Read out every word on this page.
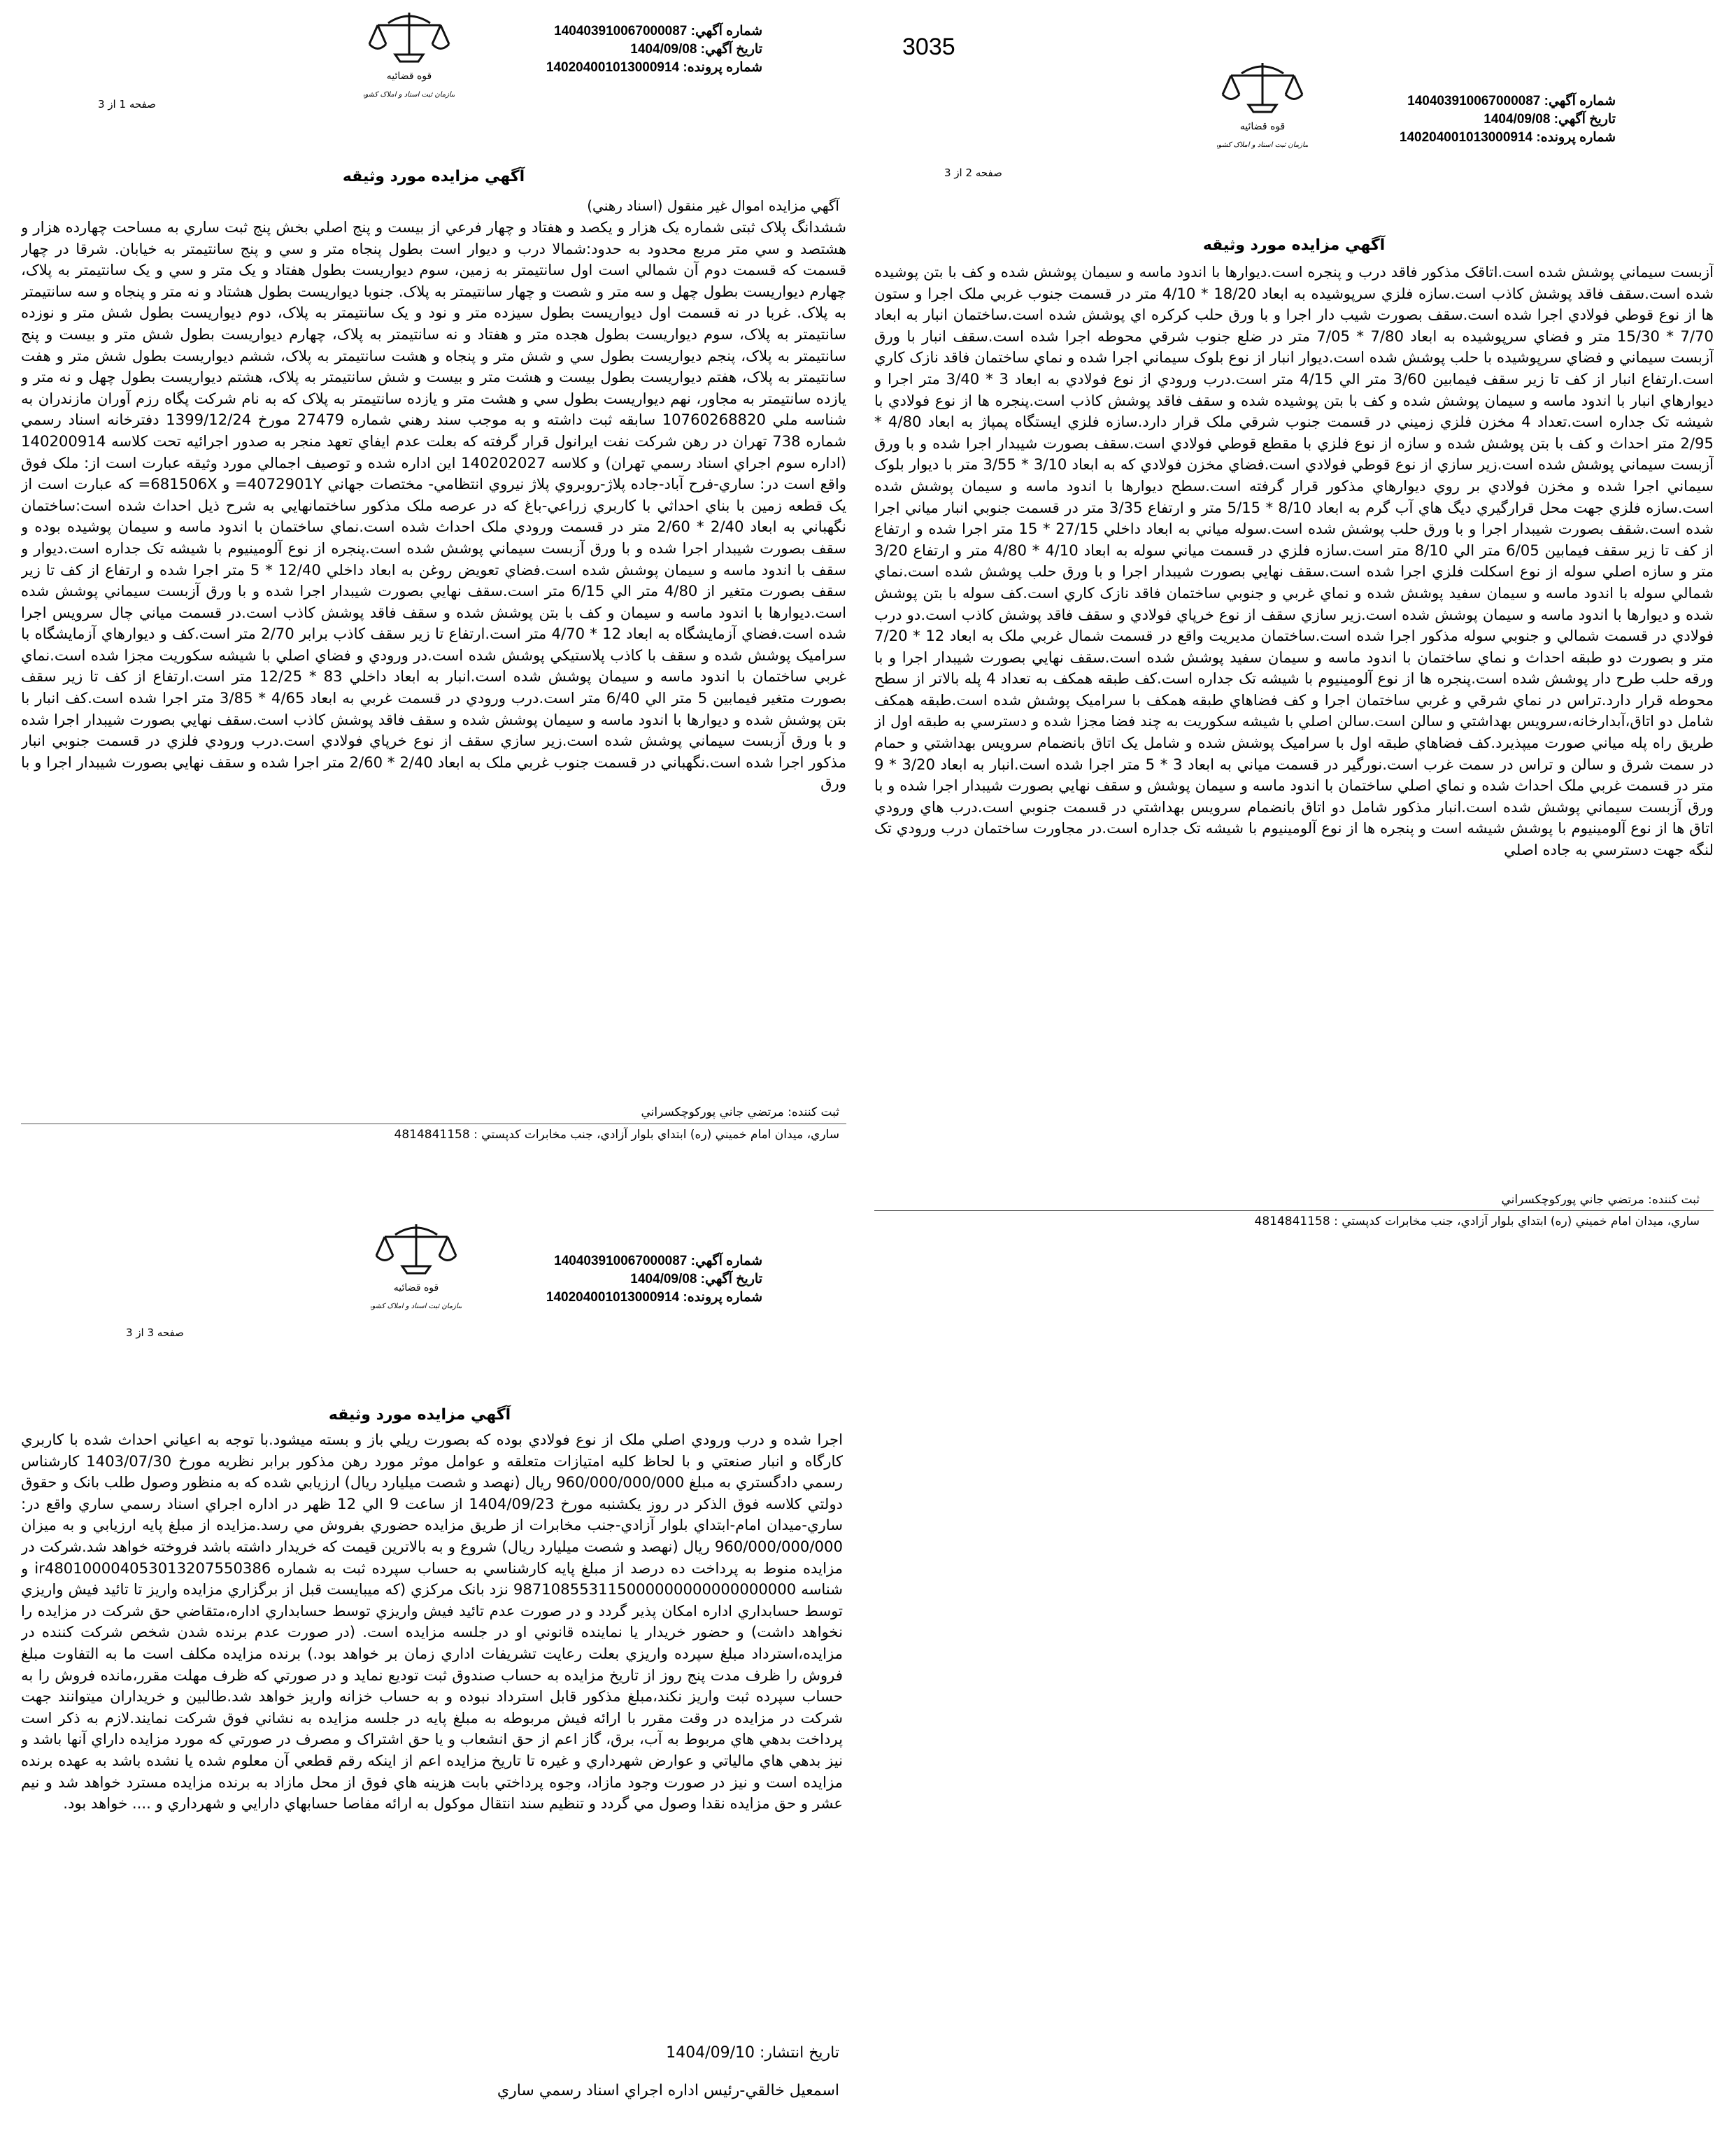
3035
قوه قضائیه
سازمان ثبت اسناد و املاک کشور
شماره آگهي: 140403910067000087
تاريخ آگهي: 1404/09/08
شماره پرونده: 140204001013000914
صفحه 1 از 3
آگهي مزايده مورد وثيقه
آگهي مزايده اموال غير منقول (اسناد رهني)
ششدانگ پلاک ثبتی شماره یک هزار و یکصد و هفتاد و چهار فرعي از بيست و پنج اصلي بخش پنج ثبت ساري به مساحت چهارده هزار و هشتصد و سي متر مربع محدود به حدود:شمالا درب و ديوار است بطول پنجاه متر و سي و پنج سانتيمتر به خيابان. شرقا در چهار قسمت كه قسمت دوم آن شمالي است اول سانتيمتر به زمين، سوم ديواريست بطول هفتاد و يک متر و سي و يک سانتيمتر به پلاک، چهارم ديواريست بطول چهل و سه متر و شصت و چهار سانتيمتر به پلاک. جنوبا ديواريست بطول هشتاد و نه متر و پنجاه و سه سانتيمتر به پلاک. غربا در نه قسمت اول ديواريست بطول سيزده متر و نود و يک سانتيمتر به پلاک، دوم ديواريست بطول شش متر و نوزده سانتيمتر به پلاک، سوم ديواريست بطول هجده متر و هفتاد و نه سانتيمتر به پلاک، چهارم ديواريست بطول شش متر و بيست و پنج سانتيمتر به پلاک، پنجم ديواريست بطول سي و شش متر و پنجاه و هشت سانتيمتر به پلاک، ششم ديواريست بطول شش متر و هفت سانتيمتر به پلاک، هفتم ديواريست بطول بيست و هشت متر و بيست و شش سانتيمتر به پلاک، هشتم ديواريست بطول چهل و نه متر و يازده سانتيمتر به مجاور، نهم ديواريست بطول سي و هشت متر و يازده سانتيمتر به پلاک كه به نام شركت پگاه رزم آوران مازندران به شناسه ملي 10760268820 سابقه ثبت داشته و به موجب سند رهني شماره 27479 مورخ 1399/12/24 دفترخانه اسناد رسمي شماره 738 تهران در رهن شركت نفت ايرانول قرار گرفته كه بعلت عدم ايفاي تعهد منجر به صدور اجرائيه تحت كلاسه 140200914 (اداره سوم اجراي اسناد رسمي تهران) و كلاسه 140202027 اين اداره شده و توصيف اجمالي مورد وثيقه عبارت است از: ملک فوق واقع است در: ساري-فرح آباد-جاده پلاژ-روبروي پلاژ نيروي انتظامي- مختصات جهاني 4072901Y= و 681506X= كه عبارت است از يک قطعه زمين با بناي احداثي با كاربري زراعي-باغ كه در عرصه ملک مذكور ساختمانهايي به شرح ذيل احداث شده است:ساختمان نگهباني به ابعاد 2/40 * 2/60 متر در قسمت ورودي ملک احداث شده است.نماي ساختمان با اندود ماسه و سيمان پوشيده بوده و سقف بصورت شيبدار اجرا شده و با ورق آزبست سيماني پوشش شده است.پنجره از نوع آلومينيوم با شيشه تک جداره است.ديوار و سقف با اندود ماسه و سيمان پوشش شده است.فضاي تعويض روغن به ابعاد داخلي 12/40 * 5 متر اجرا شده و ارتفاع از كف تا زير سقف بصورت متغير از 4/80 متر الي 6/15 متر است.سقف نهايي بصورت شيبدار اجرا شده و با ورق آزبست سيماني پوشش شده است.ديوارها با اندود ماسه و سيمان و كف با بتن پوشش شده و سقف فاقد پوشش كاذب است.در قسمت مياني چال سرويس اجرا شده است.فضاي آزمايشگاه به ابعاد 12 * 4/70 متر است.ارتفاع تا زير سقف كاذب برابر 2/70 متر است.كف و ديوارهاي آزمايشگاه با سراميک پوشش شده و سقف با كاذب پلاستيكي پوشش شده است.در ورودي و فضاي اصلي با شيشه سكوريت مجزا شده است.نماي غربي ساختمان با اندود ماسه و سيمان پوشش شده است.انبار به ابعاد داخلي 83 * 12/25 متر است.ارتفاع از كف تا زير سقف بصورت متغير فيمابين 5 متر الي 6/40 متر است.درب ورودي در قسمت غربي به ابعاد 4/65 * 3/85 متر اجرا شده است.كف انبار با بتن پوشش شده و ديوارها با اندود ماسه و سيمان پوشش شده و سقف فاقد پوشش كاذب است.سقف نهايي بصورت شيبدار اجرا شده و با ورق آزبست سيماني پوشش شده است.زير سازي سقف از نوع خرپاي فولادي است.درب ورودي فلزي در قسمت جنوبي انبار مذكور اجرا شده است.نگهباني در قسمت جنوب غربي ملک به ابعاد 2/40 * 2/60 متر اجرا شده و سقف نهايي بصورت شيبدار اجرا و با ورق
ثبت كننده: مرتضي جاني پوركوچكسراني
ساري، ميدان امام خميني (ره) ابتداي بلوار آزادي، جنب مخابرات كدپستي : 4814841158
قوه قضائیه
سازمان ثبت اسناد و املاک کشور
شماره آگهي: 140403910067000087
تاريخ آگهي: 1404/09/08
شماره پرونده: 140204001013000914
صفحه 2 از 3
آگهي مزايده مورد وثيقه
آزبست سيماني پوشش شده است.اتاقک مذكور فاقد درب و پنجره است.ديوارها با اندود ماسه و سيمان پوشش شده و كف با بتن پوشيده شده است.سقف فاقد پوشش كاذب است.سازه فلزي سرپوشيده به ابعاد 18/20 * 4/10 متر در قسمت جنوب غربي ملک اجرا و ستون ها از نوع قوطي فولادي اجرا شده است.سقف بصورت شيب دار اجرا و با ورق حلب كركره اي پوشش شده است.ساختمان انبار به ابعاد 7/70 * 15/30 متر و فضاي سرپوشيده به ابعاد 7/80 * 7/05 متر در ضلع جنوب شرقي محوطه اجرا شده است.سقف انبار با ورق آزبست سيماني و فضاي سرپوشيده با حلب پوشش شده است.ديوار انبار از نوع بلوک سيماني اجرا شده و نماي ساختمان فاقد نازک كاري است.ارتفاع انبار از كف تا زير سقف فيمابين 3/60 متر الي 4/15 متر است.درب ورودي از نوع فولادي به ابعاد 3 * 3/40 متر اجرا و ديوارهاي انبار با اندود ماسه و سيمان پوشش شده و كف با بتن پوشيده شده و سقف فاقد پوشش كاذب است.پنجره ها از نوع فولادي با شيشه تک جداره است.تعداد 4 مخزن فلزي زميني در قسمت جنوب شرقي ملک قرار دارد.سازه فلزي ايستگاه پمپاژ به ابعاد 4/80 * 2/95 متر احداث و كف با بتن پوشش شده و سازه از نوع فلزي با مقطع قوطي فولادي است.سقف بصورت شيبدار اجرا شده و با ورق آزبست سيماني پوشش شده است.زير سازي از نوع قوطي فولادي است.فضاي مخزن فولادي كه به ابعاد 3/10 * 3/55 متر با ديوار بلوک سيماني اجرا شده و مخزن فولادي بر روي ديوارهاي مذكور قرار گرفته است.سطح ديوارها با اندود ماسه و سيمان پوشش شده است.سازه فلزي جهت محل قرارگيري ديگ هاي آب گرم به ابعاد 8/10 * 5/15 متر و ارتفاع 3/35 متر در قسمت جنوبي انبار مياني اجرا شده است.شقف بصورت شيبدار اجرا و با ورق حلب پوشش شده است.سوله مياني به ابعاد داخلي 27/15 * 15 متر اجرا شده و ارتفاع از كف تا زير سقف فيمابين 6/05 متر الي 8/10 متر است.سازه فلزي در قسمت مياني سوله به ابعاد 4/10 * 4/80 متر و ارتفاع 3/20 متر و سازه اصلي سوله از نوع اسكلت فلزي اجرا شده است.سقف نهايي بصورت شيبدار اجرا و با ورق حلب پوشش شده است.نماي شمالي سوله با اندود ماسه و سيمان سفيد پوشش شده و نماي غربي و جنوبي ساختمان فاقد نازک كاري است.كف سوله با بتن پوشش شده و ديوارها با اندود ماسه و سيمان پوشش شده است.زير سازي سقف از نوع خرپاي فولادي و سقف فاقد پوشش كاذب است.دو درب فولادي در قسمت شمالي و جنوبي سوله مذكور اجرا شده است.ساختمان مديريت واقع در قسمت شمال غربي ملک به ابعاد 12 * 7/20 متر و بصورت دو طبقه احداث و نماي ساختمان با اندود ماسه و سيمان سفيد پوشش شده است.سقف نهايي بصورت شيبدار اجرا و با ورقه حلب طرح دار پوشش شده است.پنجره ها از نوع آلومينيوم با شيشه تک جداره است.كف طبقه همكف به تعداد 4 پله بالاتر از سطح محوطه قرار دارد.تراس در نماي شرقي و غربي ساختمان اجرا و كف فضاهاي طبقه همكف با سراميک پوشش شده است.طبقه همكف شامل دو اتاق،آبدارخانه،سرويس بهداشتي و سالن است.سالن اصلي با شيشه سكوريت به چند فضا مجزا شده و دسترسي به طبقه اول از طريق راه پله مياني صورت ميپذيرد.كف فضاهاي طبقه اول با سراميک پوشش شده و شامل يک اتاق بانضمام سرويس بهداشتي و حمام در سمت شرق و سالن و تراس در سمت غرب است.نورگير در قسمت مياني به ابعاد 3 * 5 متر اجرا شده است.انبار به ابعاد 3/20 * 9 متر در قسمت غربي ملک احداث شده و نماي اصلي ساختمان با اندود ماسه و سيمان پوشش و سقف نهايي بصورت شيبدار اجرا شده و با ورق آزبست سيماني پوشش شده است.انبار مذكور شامل دو اتاق بانضمام سرويس بهداشتي در قسمت جنوبي است.درب هاي ورودي اتاق ها از نوع آلومينيوم با پوشش شيشه است و پنجره ها از نوع آلومينيوم با شيشه تک جداره است.در مجاورت ساختمان درب ورودي تک لنگه جهت دسترسي به جاده اصلي
ثبت كننده: مرتضي جاني پوركوچكسراني
ساري، ميدان امام خميني (ره) ابتداي بلوار آزادي، جنب مخابرات كدپستي : 4814841158
قوه قضائیه
سازمان ثبت اسناد و املاک کشور
شماره آگهي: 140403910067000087
تاريخ آگهي: 1404/09/08
شماره پرونده: 140204001013000914
صفحه 3 از 3
آگهي مزايده مورد وثيقه
اجرا شده و درب ورودي اصلي ملک از نوع فولادي بوده كه بصورت ريلي باز و بسته ميشود.با توجه به اعياني احداث شده با كاربري كارگاه و انبار صنعتي و با لحاظ كليه امتيازات متعلقه و عوامل موثر مورد رهن مذكور برابر نظريه مورخ 1403/07/30 كارشناس رسمي دادگستري به مبلغ 960/000/000/000 ريال (نهصد و شصت ميليارد ريال) ارزيابي شده كه به منظور وصول طلب بانک و حقوق دولتي كلاسه فوق الذكر در روز يكشنبه مورخ 1404/09/23 از ساعت 9 الي 12 ظهر در اداره اجراي اسناد رسمي ساري واقع در: ساري-ميدان امام-ابتداي بلوار آزادي-جنب مخابرات از طريق مزايده حضوري بفروش مي رسد.مزايده از مبلغ پايه ارزيابي و به ميزان 960/000/000/000 ريال (نهصد و شصت ميليارد ريال) شروع و به بالاترين قيمت كه خريدار داشته باشد فروخته خواهد شد.شركت در مزايده منوط به پرداخت ده درصد از مبلغ پايه كارشناسي به حساب سپرده ثبت به شماره ir480100004053013207550386 و شناسه 987108553115000000000000000000 نزد بانک مركزي (كه ميبايست قبل از برگزاري مزايده واريز تا تائيد فيش واريزي توسط حسابداري اداره امكان پذير گردد و در صورت عدم تائيد فيش واريزي توسط حسابداري اداره،متقاضي حق شركت در مزايده را نخواهد داشت) و حضور خريدار يا نماينده قانوني او در جلسه مزايده است. (در صورت عدم برنده شدن شخص شركت كننده در مزايده،استرداد مبلغ سپرده واريزي بعلت رعايت تشريفات اداري زمان بر خواهد بود.) برنده مزايده مكلف است ما به التفاوت مبلغ فروش را ظرف مدت پنج روز از تاريخ مزايده به حساب صندوق ثبت توديع نمايد و در صورتي كه ظرف مهلت مقرر،مانده فروش را به حساب سپرده ثبت واريز نكند،مبلغ مذكور قابل استرداد نبوده و به حساب خزانه واريز خواهد شد.طالبين و خريداران ميتوانند جهت شركت در مزايده در وقت مقرر با ارائه فيش مربوطه به مبلغ پايه در جلسه مزايده به نشاني فوق شركت نمايند.لازم به ذكر است پرداخت بدهي هاي مربوط به آب، برق، گاز اعم از حق انشعاب و يا حق اشتراک و مصرف در صورتي كه مورد مزايده داراي آنها باشد و نيز بدهي هاي مالياتي و عوارض شهرداري و غيره تا تاريخ مزايده اعم از اينكه رقم قطعي آن معلوم شده يا نشده باشد به عهده برنده مزايده است و نيز در صورت وجود مازاد، وجوه پرداختي بابت هزينه هاي فوق از محل مازاد به برنده مزايده مسترد خواهد شد و نيم عشر و حق مزايده نقدا وصول مي گردد و تنظيم سند انتقال موكول به ارائه مفاصا حسابهاي دارايي و شهرداري و .... خواهد بود.
تاريخ انتشار: 1404/09/10
اسمعيل خالقي-رئيس اداره اجراي اسناد رسمي ساري
